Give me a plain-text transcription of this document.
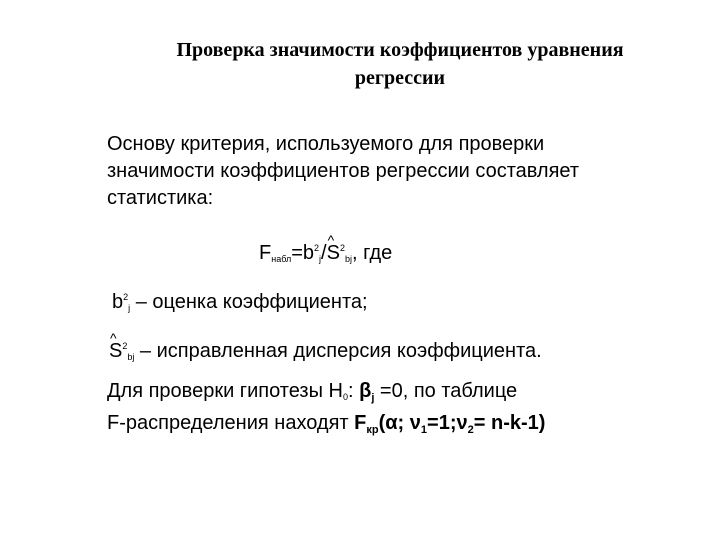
Проверка значимости коэффициентов уравнения
регрессии
Основу критерия, используемого для проверки
значимости коэффициентов регрессии составляет
статистика:
$F_{набл}=b^2_j/\^{}$ $S^2_{bj}$, где
$b^2_j$ – оценка коэффициента;
^ $S^2_{bj}$ – исправленная дисперсия коэффициента.
Для проверки гипотезы $H_0$: $\beta_j =0$, по таблице
F-распределения находят $F_{кр}(\alpha$; $\nu_1=1;\nu_2= n-k-1$)
